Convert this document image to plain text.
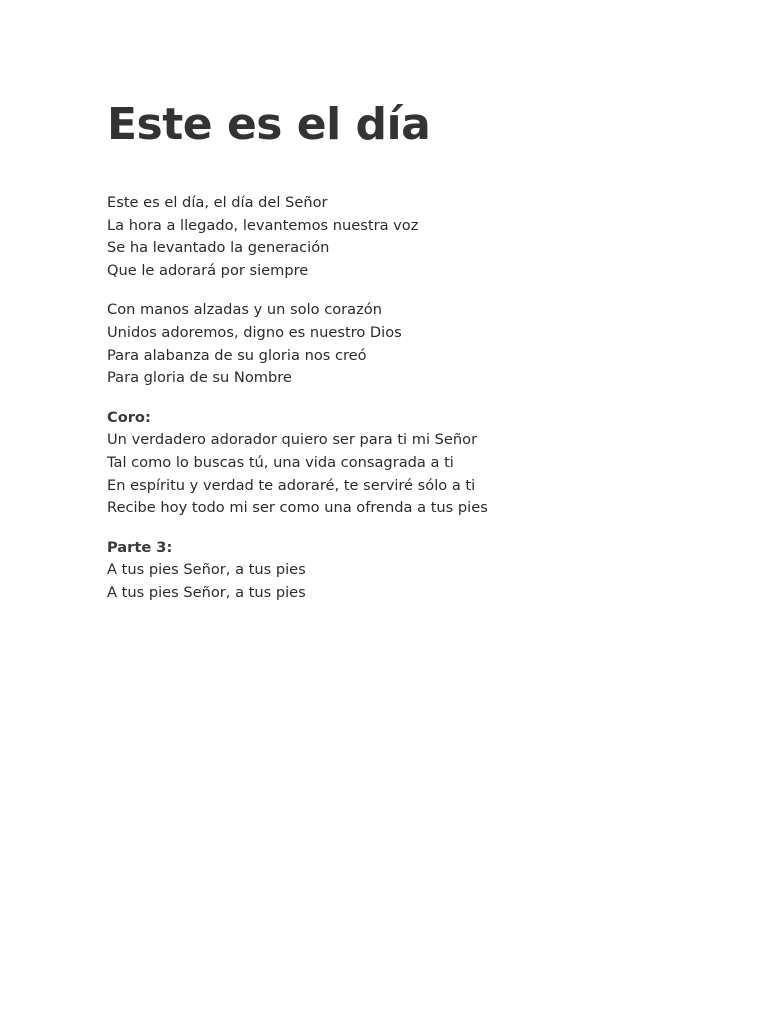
Este es el día
Este es el día, el día del Señor
La hora a llegado, levantemos nuestra voz
Se ha levantado la generación
Que le adorará por siempre
Con manos alzadas y un solo corazón
Unidos adoremos, digno es nuestro Dios
Para alabanza de su gloria nos creó
Para gloria de su Nombre
Coro:
Un verdadero adorador quiero ser para ti mi Señor
Tal como lo buscas tú, una vida consagrada a ti
En espíritu y verdad te adoraré, te serviré sólo a ti
Recibe hoy todo mi ser como una ofrenda a tus pies
Parte 3:
A tus pies Señor, a tus pies
A tus pies Señor, a tus pies
